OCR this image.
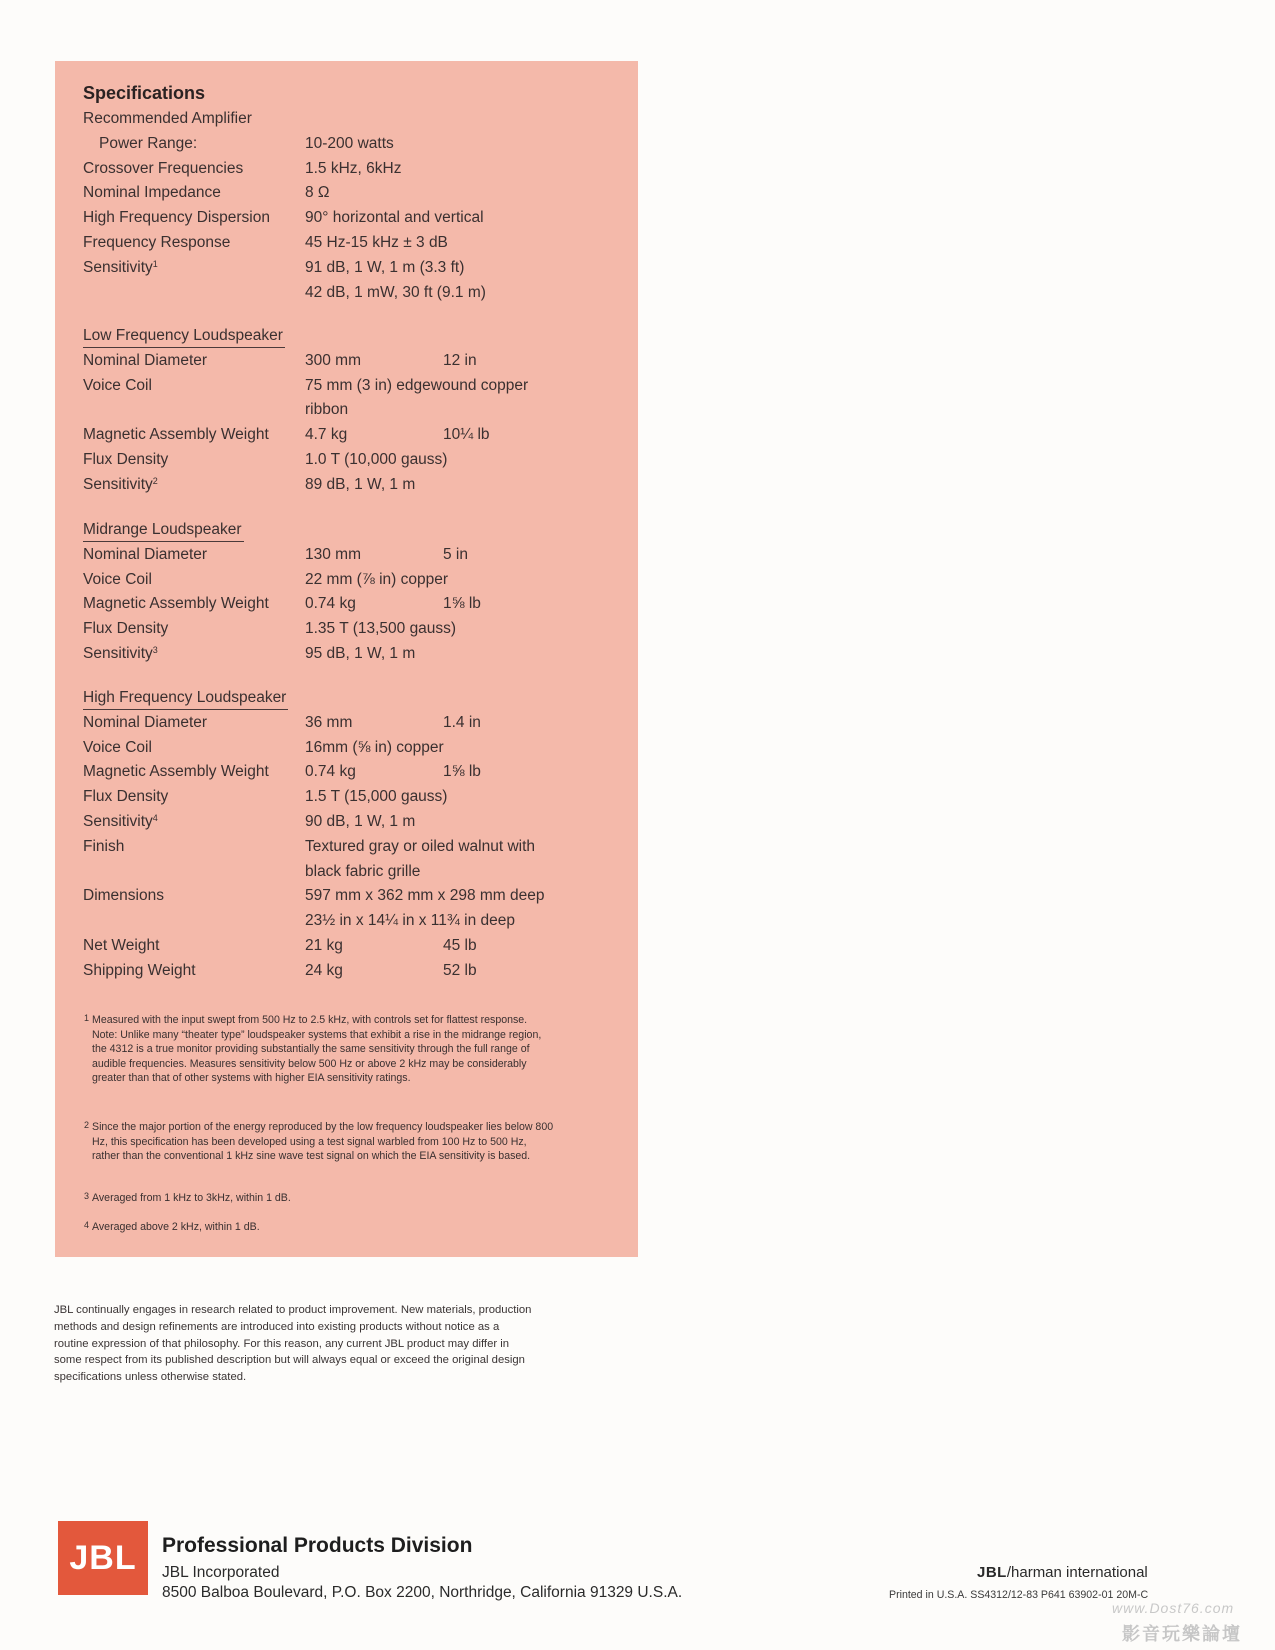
Specifications
Recommended Amplifier
Power Range:	10-200 watts
Crossover Frequencies	1.5 kHz, 6kHz
Nominal Impedance	8 Ω
High Frequency Dispersion 90° horizontal and vertical
Frequency Response	45 Hz-15 kHz ± 3 dB
Sensitivity$^1$	91 dB, 1 W, 1 m (3.3 ft)
42 dB, 1 mW, 30 ft (9.1 m)
Low Frequency Loudspeaker
Nominal Diameter	300 mm	12 in
Voice Coil	75 mm (3 in) edgewound copper
ribbon
Magnetic Assembly Weight 4.7 kg	10¼ lb
Flux Density	1.0 T (10,000 gauss)
Sensitivity$^2$	89 dB, 1 W, 1 m
Midrange Loudspeaker
Nominal Diameter	130 mm	5 in
Voice Coil	22 mm (⅞ in) copper
Magnetic Assembly Weight 0.74 kg	1⅝ lb
Flux Density	1.35 T (13,500 gauss)
Sensitivity$^3$	95 dB, 1 W, 1 m
High Frequency Loudspeaker
Nominal Diameter	36 mm	1.4 in
Voice Coil	16mm (⅝ in) copper
Magnetic Assembly Weight 0.74 kg	1⅝ lb
Flux Density	1.5 T (15,000 gauss)
Sensitivity$^4$	90 dB, 1 W, 1 m
Finish	Textured gray or oiled walnut with
black fabric grille
Dimensions	597 mm x 362 mm x 298 mm deep
23½ in x 14¼ in x 11¾ in deep
Net Weight	21 kg	45 lb
Shipping Weight	24 kg	52 lb
1 Measured with the input swept from 500 Hz to 2.5 kHz, with controls set for flattest response. Note: Unlike many “theater type” loudspeaker systems that exhibit a rise in the midrange region, the 4312 is a true monitor providing substantially the same sensitivity through the full range of audible frequencies. Measures sensitivity below 500 Hz or above 2 kHz may be considerably greater than that of other systems with higher EIA sensitivity ratings.
2 Since the major portion of the energy reproduced by the low frequency loudspeaker lies below 800 Hz, this specification has been developed using a test signal warbled from 100 Hz to 500 Hz, rather than the conventional 1 kHz sine wave test signal on which the EIA sensitivity is based.
3 Averaged from 1 kHz to 3kHz, within 1 dB.
4 Averaged above 2 kHz, within 1 dB.
JBL continually engages in research related to product improvement. New materials, production methods and design refinements are introduced into existing products without notice as a routine expression of that philosophy. For this reason, any current JBL product may differ in some respect from its published description but will always equal or exceed the original design specifications unless otherwise stated.
JBL	Professional Products Division
JBL Incorporated
8500 Balboa Boulevard, P.O. Box 2200, Northridge, California 91329 U.S.A.
JBL/harman international
Printed in U.S.A. SS4312/12-83 P641 63902-01 20M-C
www.Dost76.com
影音玩樂論壇
